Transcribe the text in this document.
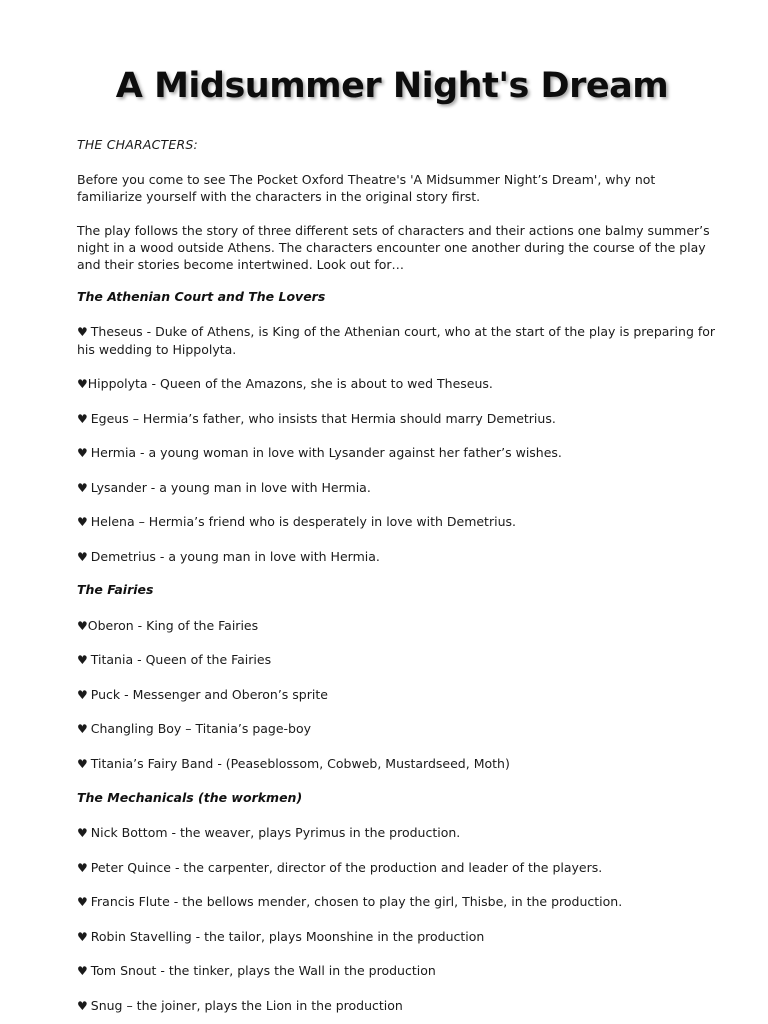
A Midsummer Night's Dream

THE CHARACTERS:

Before you come to see The Pocket Oxford Theatre's 'A Midsummer Night’s Dream', why not familiarize yourself with the characters in the original story first.

The play follows the story of three different sets of characters and their actions one balmy summer’s night in a wood outside Athens. The characters encounter one another during the course of the play and their stories become intertwined. Look out for…

The Athenian Court and The Lovers

♥ Theseus - Duke of Athens, is King of the Athenian court, who at the start of the play is preparing for his wedding to Hippolyta.

♥Hippolyta - Queen of the Amazons, she is about to wed Theseus.

♥ Egeus – Hermia’s father, who insists that Hermia should marry Demetrius.

♥ Hermia - a young woman in love with Lysander against her father’s wishes.

♥ Lysander - a young man in love with Hermia.

♥ Helena – Hermia’s friend who is desperately in love with Demetrius.

♥ Demetrius - a young man in love with Hermia.

The Fairies

♥Oberon - King of the Fairies

♥ Titania - Queen of the Fairies

♥ Puck - Messenger and Oberon’s sprite

♥ Changling Boy – Titania’s page-boy

♥ Titania’s Fairy Band - (Peaseblossom, Cobweb, Mustardseed, Moth)

The Mechanicals (the workmen)

♥ Nick Bottom - the weaver, plays Pyrimus in the production.

♥ Peter Quince - the carpenter, director of the production and leader of the players.

♥ Francis Flute - the bellows mender, chosen to play the girl, Thisbe, in the production.

♥ Robin Stavelling - the tailor, plays Moonshine in the production

♥ Tom Snout - the tinker, plays the Wall in the production

♥ Snug – the joiner, plays the Lion in the production
